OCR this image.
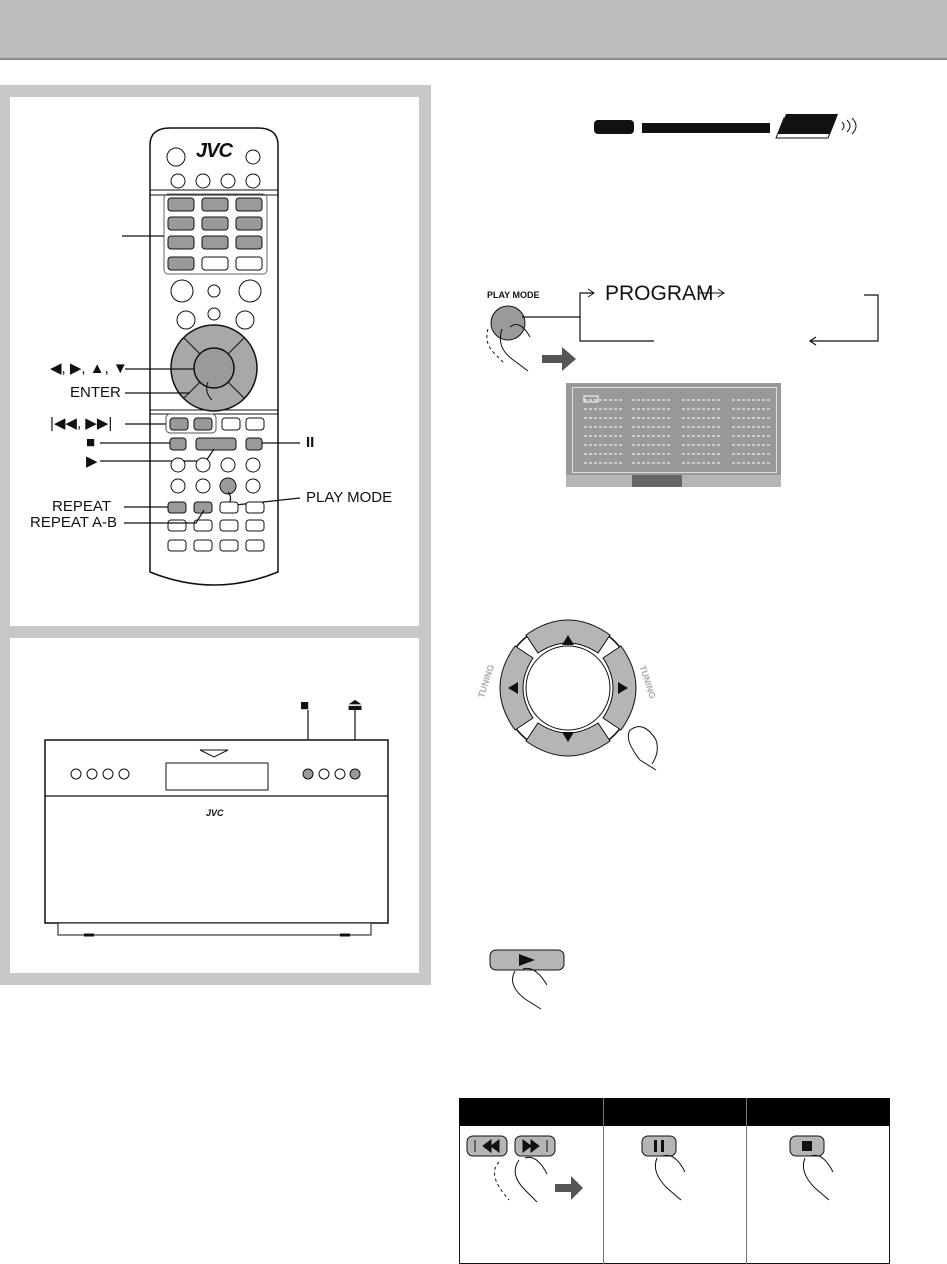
JVC
◀, ▶, ▲, ▼
ENTER
|◀◀, ▶▶|
■
▶
II
REPEAT
REPEAT A-B
PLAY MODE
■ ⏏
JVC
PLAY MODE	PROGRAM
TUNING	TUNING
